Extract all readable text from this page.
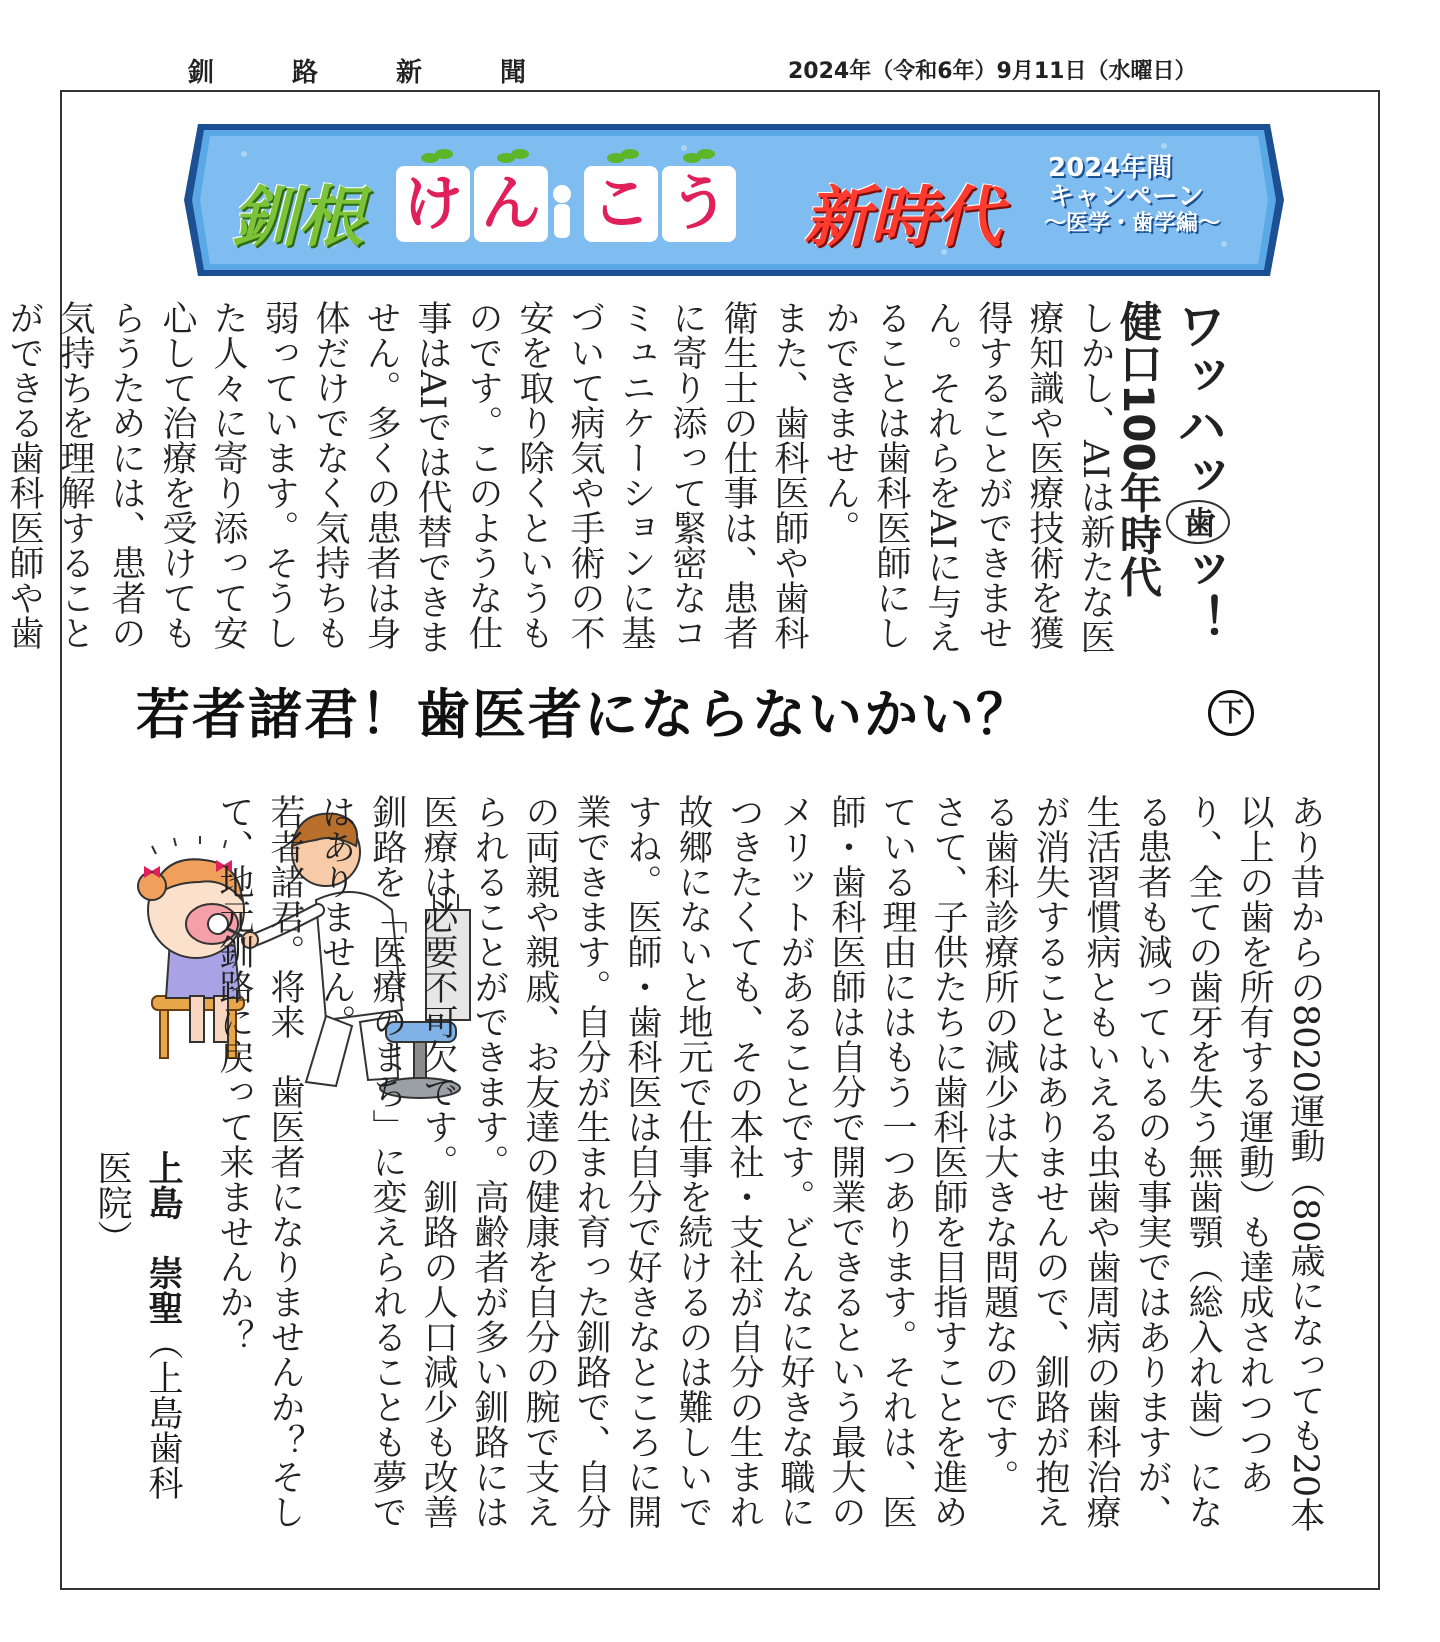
釧路新聞	2024年（令和6年）9月11日（水曜日）
釧根 け ん こ う 新時代
2024年間
キャンペーン
～医学・歯学編～
ワッハッ歯ッ！
健口100年時代
しかし、AIは新たな医療知識や医療技術を獲得することができません。それらをAIに与えることは歯科医師にしかできません。
また、歯科医師や歯科衛生士の仕事は、患者に寄り添って緊密なコミュニケーションに基づいて病気や手術の不安を取り除くというものです。このような仕事はAIでは代替できません。多くの患者は身体だけでなく気持ちも弱っています。そうした人々に寄り添って安心して治療を受けてもらうためには、患者の気持ちを理解することができる歯科医師や歯
若者諸君！歯医者にならないかい？	下
あり昔からの8020運動（80歳になっても20本以上の歯を所有する運動）も達成されつつあり、全ての歯牙を失う無歯顎（総入れ歯）になる患者も減っているのも事実ではありますが、生活習慣病ともいえる虫歯や歯周病の歯科治療が消失することはありませんので、釧路が抱える歯科診療所の減少は大きな問題なのです。
さて、子供たちに歯科医師を目指すことを進めている理由にはもう一つあります。それは、医師・歯科医師は自分で開業できるという最大のメリットがあることです。どんなに好きな職につきたくても、その本社・支社が自分の生まれ故郷にないと地元で仕事を続けるのは難しいですね。医師・歯科医は自分で好きなところに開業できます。自分が生まれ育った釧路で、自分の両親や親戚、お友達の健康を自分の腕で支えられることができます。高齢者が多い釧路には医療は必要不可欠です。釧路の人口減少も改善　釧路を「医療のまち」に変えられることも夢ではありません。
若者諸君。将来　歯医者になりませんか？そして、地元釧路に戻って来ませんか？
上島　崇聖（上島歯科医院）
